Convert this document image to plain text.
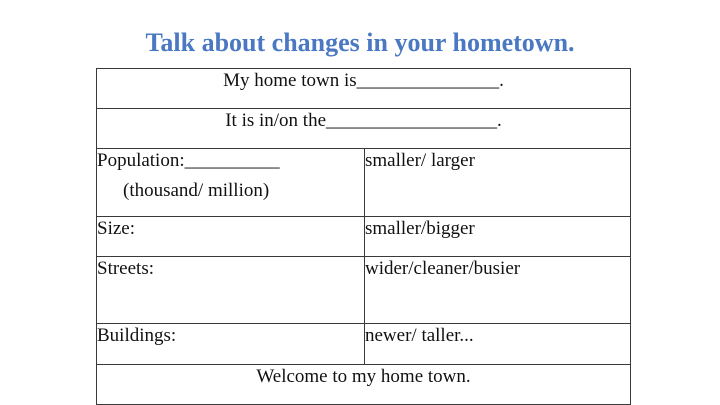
Talk about changes in your hometown.
My home town is_______________.	
It is in/on the__________________.	
Population:__________
(thousand/ million)	smaller/ larger
Size:	smaller/bigger
Streets:	wider/cleaner/busier
Buildings:	newer/ taller...
Welcome to my home town.	
